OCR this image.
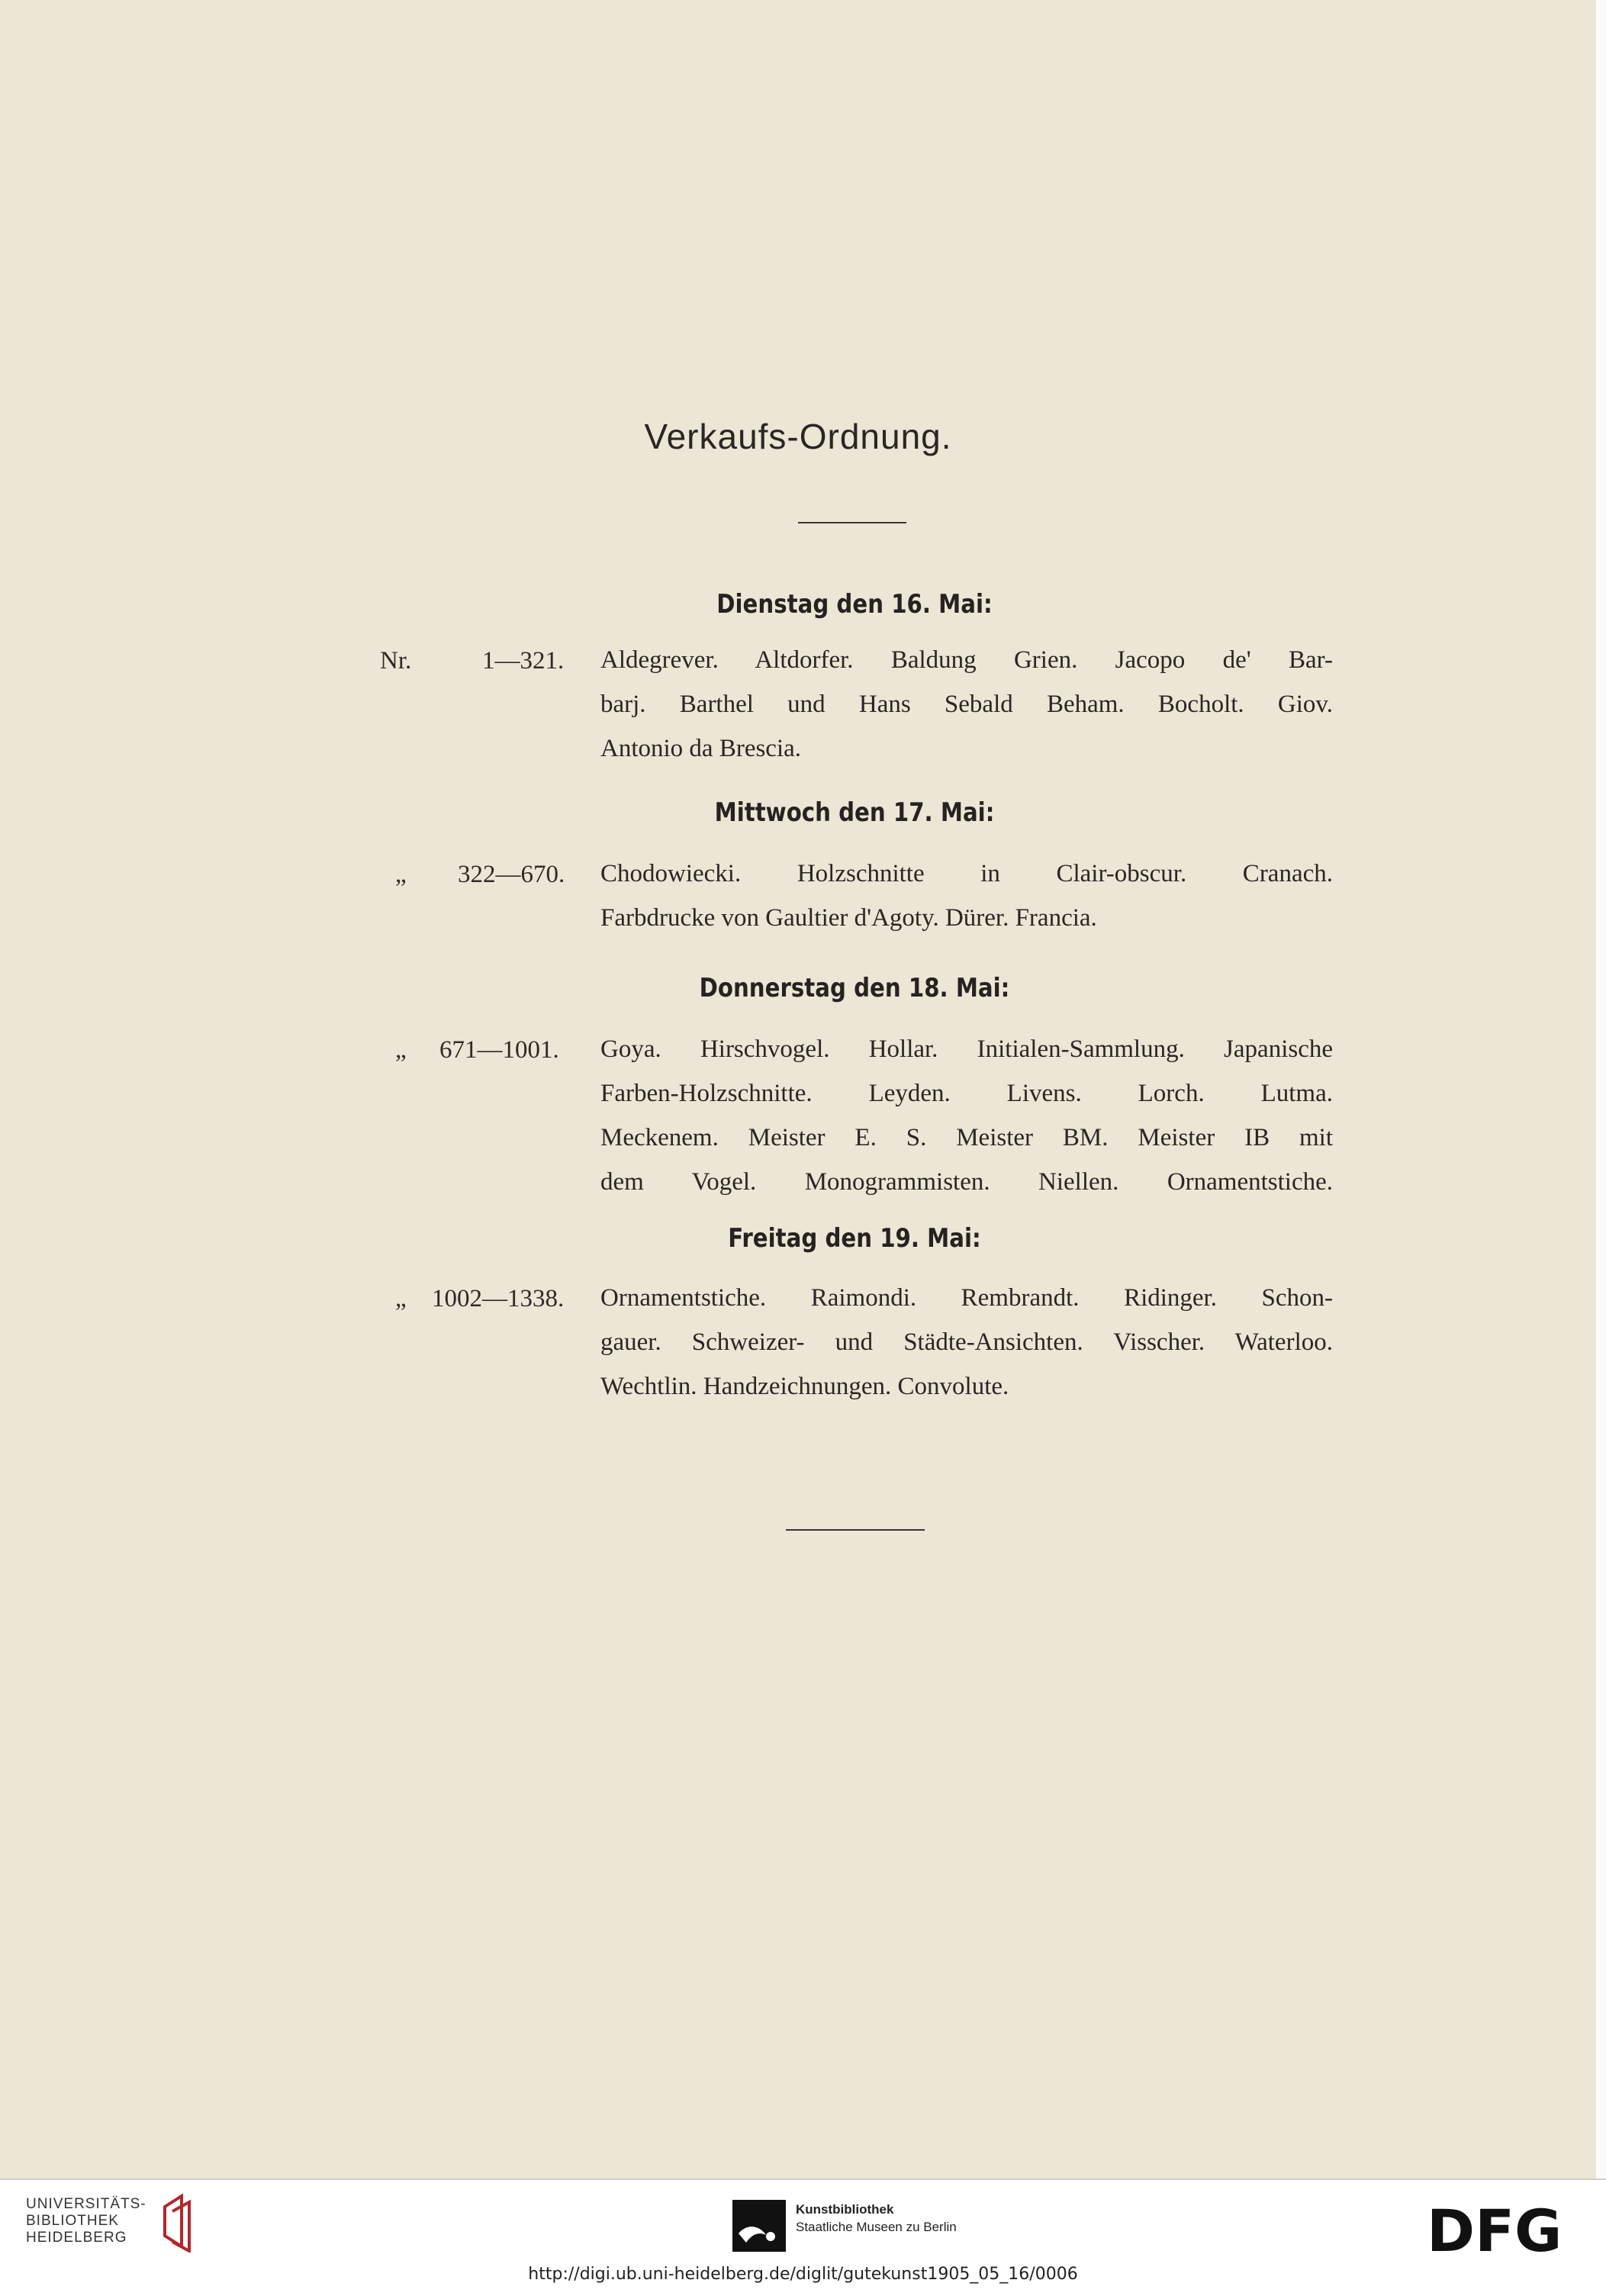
Verkaufs-Ordnung.
Dienstag den 16. Mai:
Nr.	1—321. Aldegrever. Altdorfer. Baldung Grien. Jacopo de' Bar-
barj. Barthel und Hans Sebald Beham. Bocholt. Giov.
Antonio da Brescia.
Mittwoch den 17. Mai:
„ 322—670. Chodowiecki. Holzschnitte in Clair-obscur. Cranach.
Farbdrucke von Gaultier d'Agoty. Dürer. Francia.
Donnerstag den 18. Mai:
„ 671—1001. Goya. Hirschvogel. Hollar. Initialen-Sammlung. Japanische
Farben-Holzschnitte. Leyden. Livens. Lorch. Lutma.
Meckenem. Meister E. S. Meister BM. Meister IB mit
dem Vogel. Monogrammisten. Niellen. Ornamentstiche.
Freitag den 19. Mai:
„ 1002—1338. Ornamentstiche. Raimondi. Rembrandt. Ridinger. Schon-
gauer. Schweizer- und Städte-Ansichten. Visscher. Waterloo.
Wechtlin. Handzeichnungen. Convolute.
UNIVERSITÄTS-
BIBLIOTHEK
HEIDELBERG
Kunstbibliothek
Staatliche Museen zu Berlin	DFG
http://digi.ub.uni-heidelberg.de/diglit/gutekunst1905_05_16/0006
